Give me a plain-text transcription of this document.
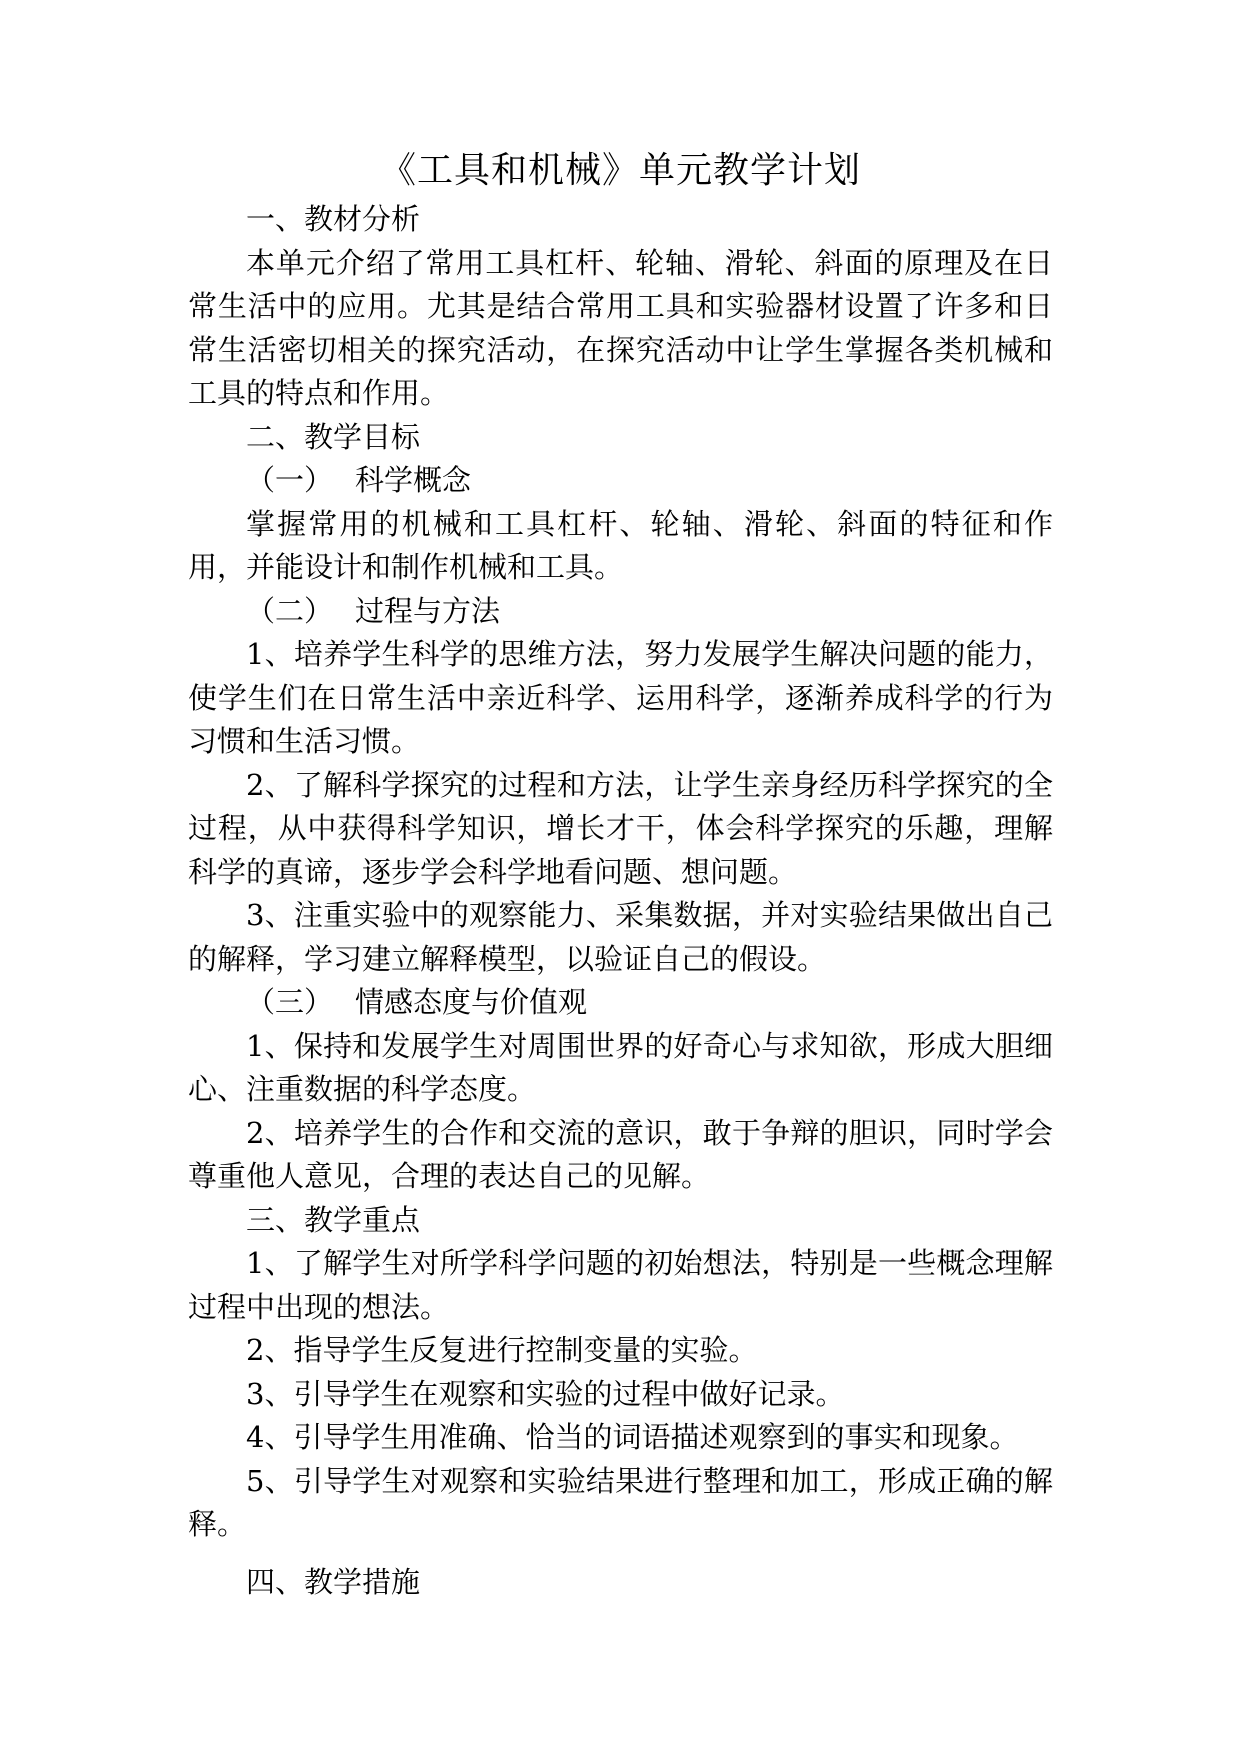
《工具和机械》单元教学计划

一、教材分析

本单元介绍了常用工具杠杆、轮轴、滑轮、斜面的原理及在日常生活中的应用。尤其是结合常用工具和实验器材设置了许多和日常生活密切相关的探究活动，在探究活动中让学生掌握各类机械和工具的特点和作用。

二、教学目标

（一） 科学概念

掌握常用的机械和工具杠杆、轮轴、滑轮、斜面的特征和作用，并能设计和制作机械和工具。

（二） 过程与方法

1、培养学生科学的思维方法，努力发展学生解决问题的能力，使学生们在日常生活中亲近科学、运用科学，逐渐养成科学的行为习惯和生活习惯。

2、了解科学探究的过程和方法，让学生亲身经历科学探究的全过程，从中获得科学知识，增长才干，体会科学探究的乐趣，理解科学的真谛，逐步学会科学地看问题、想问题。

3、注重实验中的观察能力、采集数据，并对实验结果做出自己的解释，学习建立解释模型，以验证自己的假设。

（三） 情感态度与价值观

1、保持和发展学生对周围世界的好奇心与求知欲，形成大胆细心、注重数据的科学态度。

2、培养学生的合作和交流的意识，敢于争辩的胆识，同时学会尊重他人意见，合理的表达自己的见解。

三、教学重点

1、了解学生对所学科学问题的初始想法，特别是一些概念理解过程中出现的想法。

2、指导学生反复进行控制变量的实验。

3、引导学生在观察和实验的过程中做好记录。

4、引导学生用准确、恰当的词语描述观察到的事实和现象。

5、引导学生对观察和实验结果进行整理和加工，形成正确的解释。

四、教学措施
